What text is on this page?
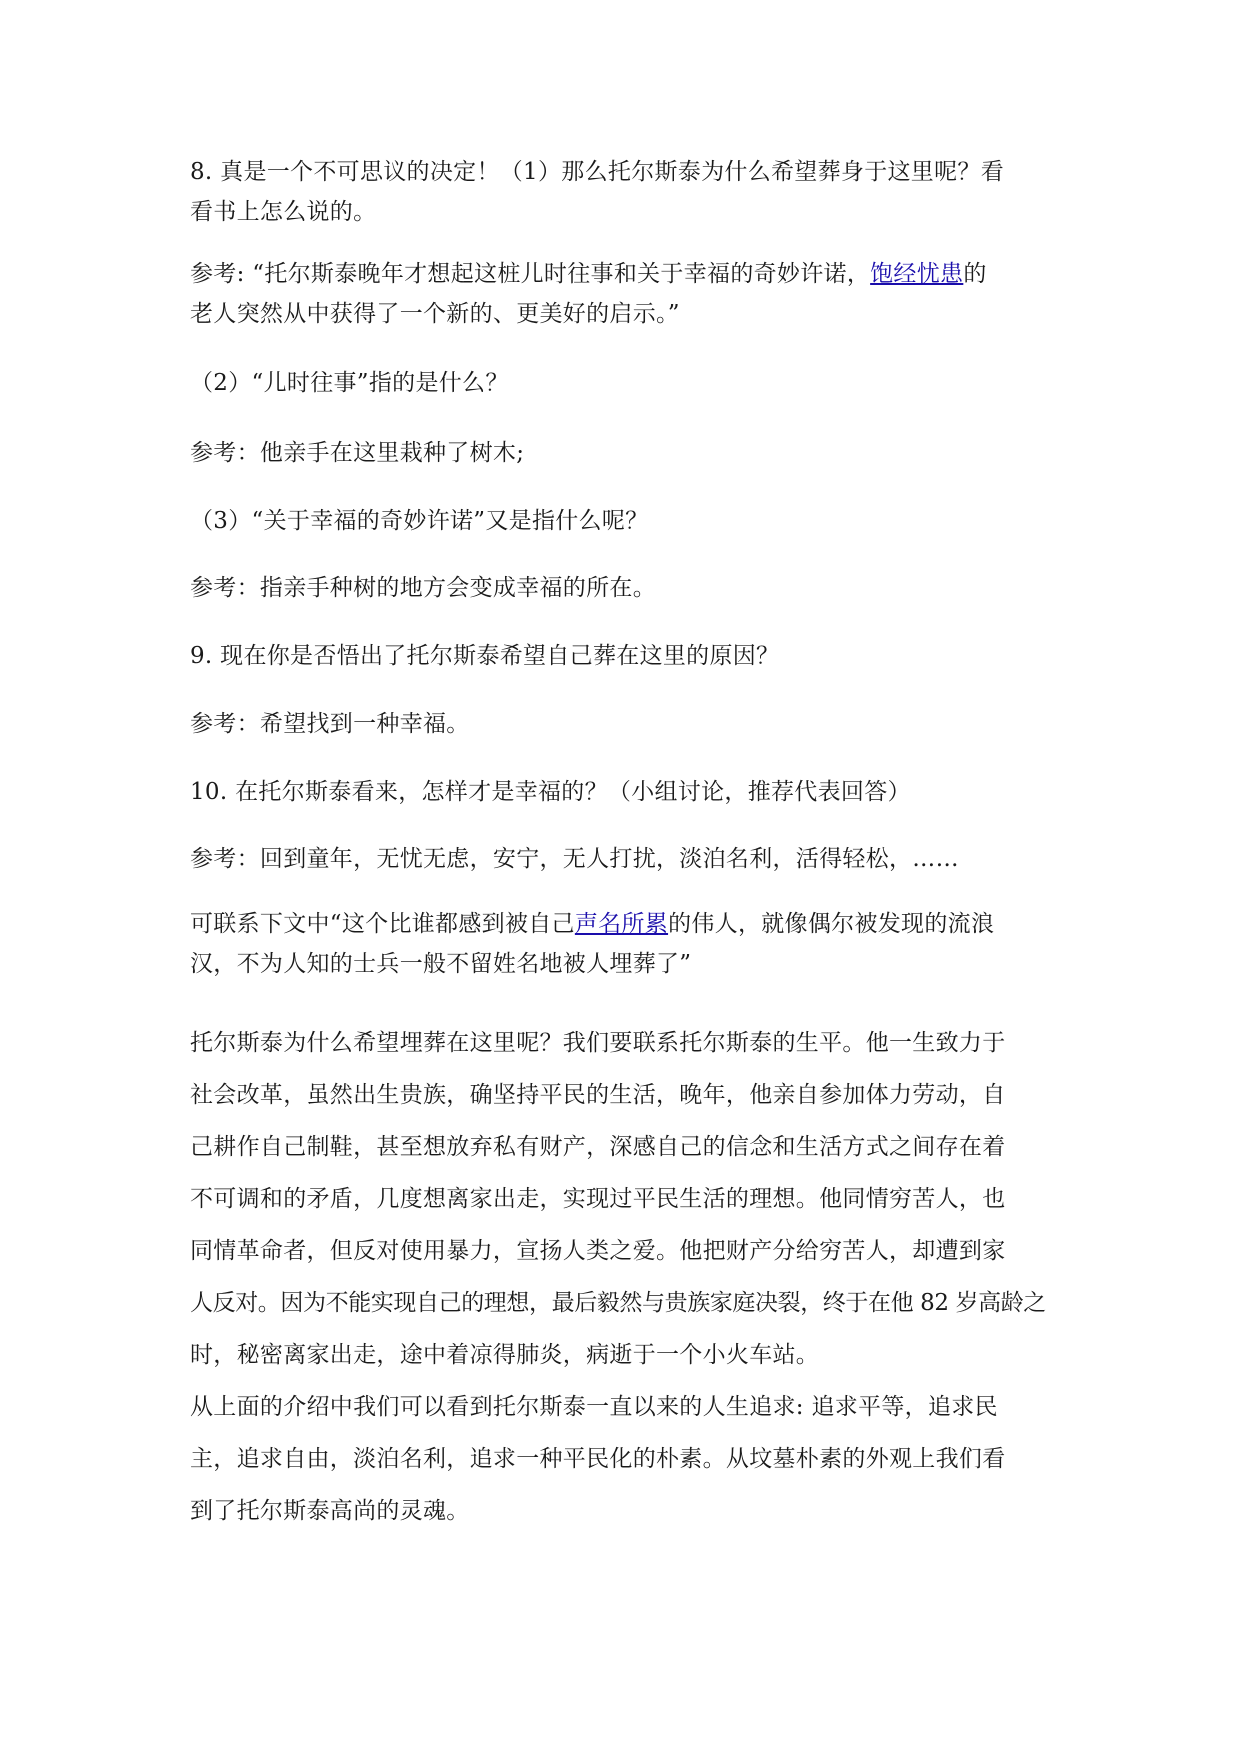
8. 真是一个不可思议的决定！（1）那么托尔斯泰为什么希望葬身于这里呢？看
看书上怎么说的。
参考: “托尔斯泰晚年才想起这桩儿时往事和关于幸福的奇妙许诺，饱经忧患的
老人突然从中获得了一个新的、更美好的启示。”
（2）“儿时往事”指的是什么？
参考：他亲手在这里栽种了树木;
（3）“关于幸福的奇妙许诺”又是指什么呢？
参考：指亲手种树的地方会变成幸福的所在。
9. 现在你是否悟出了托尔斯泰希望自己葬在这里的原因？
参考：希望找到一种幸福。
10. 在托尔斯泰看来，怎样才是幸福的？（小组讨论，推荐代表回答）
参考：回到童年，无忧无虑，安宁，无人打扰，淡泊名利，活得轻松，……
可联系下文中“这个比谁都感到被自己声名所累的伟人，就像偶尔被发现的流浪
汉，不为人知的士兵一般不留姓名地被人埋葬了”
托尔斯泰为什么希望埋葬在这里呢？我们要联系托尔斯泰的生平。他一生致力于
社会改革，虽然出生贵族，确坚持平民的生活，晚年，他亲自参加体力劳动，自
己耕作自己制鞋，甚至想放弃私有财产，深感自己的信念和生活方式之间存在着
不可调和的矛盾，几度想离家出走，实现过平民生活的理想。他同情穷苦人，也
同情革命者，但反对使用暴力，宣扬人类之爱。他把财产分给穷苦人，却遭到家
人反对。因为不能实现自己的理想，最后毅然与贵族家庭决裂，终于在他 82 岁高龄之
时，秘密离家出走，途中着凉得肺炎，病逝于一个小火车站。
从上面的介绍中我们可以看到托尔斯泰一直以来的人生追求: 追求平等，追求民
主，追求自由，淡泊名利，追求一种平民化的朴素。从坟墓朴素的外观上我们看
到了托尔斯泰高尚的灵魂。
